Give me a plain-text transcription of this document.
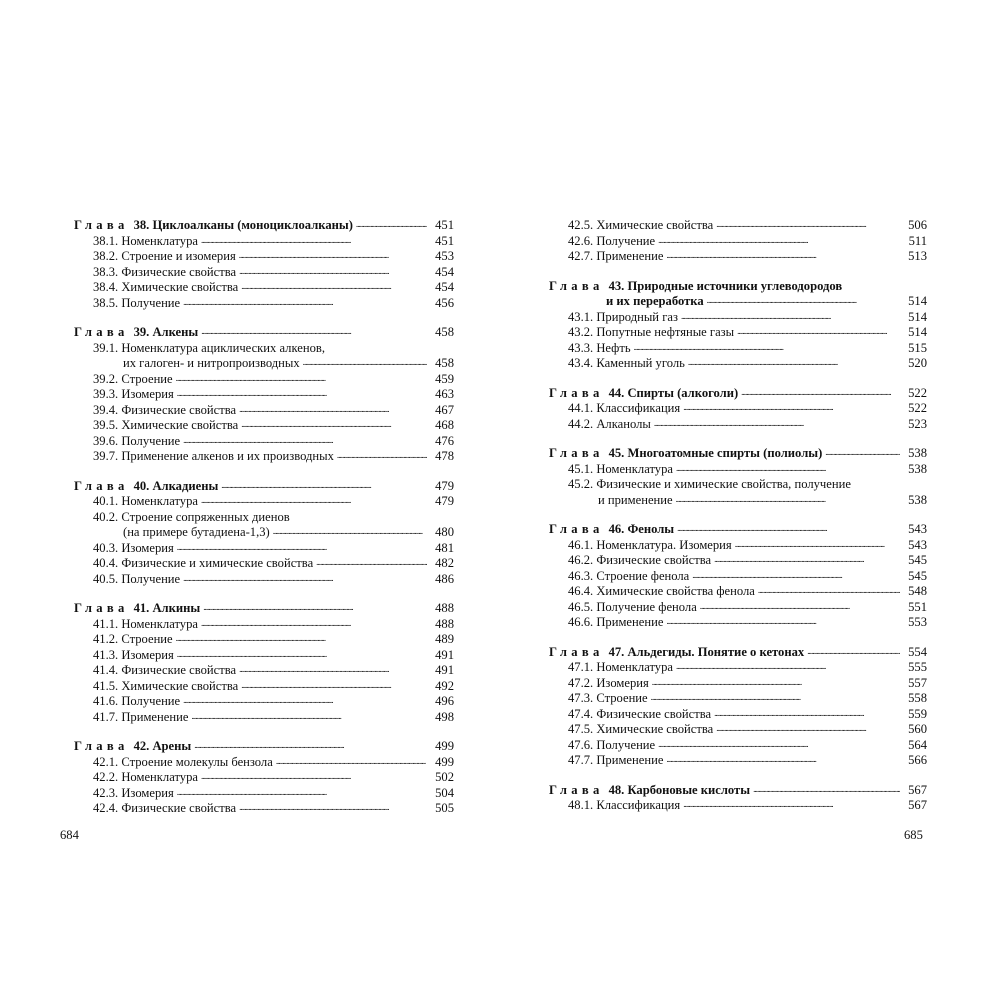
Глава 38. Циклоалканы (моноциклоалканы) . . .	451
38.1. Номенклатура . . .	451
38.2. Строение и изомерия . . .	453
38.3. Физические свойства . . .	454
38.4. Химические свойства . . .	454
38.5. Получение . . .	456
Глава 39. Алкены . . .	458
39.1. Номенклатура ациклических алкенов,
их галоген- и нитропроизводных . . .	458
39.2. Строение . . .	459
39.3. Изомерия . . .	463
39.4. Физические свойства . . .	467
39.5. Химические свойства . . .	468
39.6. Получение . . .	476
39.7. Применение алкенов и их производных . . .	478
Глава 40. Алкадиены . . .	479
40.1. Номенклатура . . .	479
40.2. Строение сопряженных диенов
(на примере бутадиена-1,3) . . .	480
40.3. Изомерия . . .	481
40.4. Физические и химические свойства . . .	482
40.5. Получение . . .	486
Глава 41. Алкины . . .	488
41.1. Номенклатура . . .	488
41.2. Строение . . .	489
41.3. Изомерия . . .	491
41.4. Физические свойства . . .	491
41.5. Химические свойства . . .	492
41.6. Получение . . .	496
41.7. Применение . . .	498
Глава 42. Арены . . .	499
42.1. Строение молекулы бензола . . .	499
42.2. Номенклатура . . .	502
42.3. Изомерия . . .	504
42.4. Физические свойства . . .	505
42.5. Химические свойства . . .	506
42.6. Получение . . .	511
42.7. Применение . . .	513
Глава 43. Природные источники углеводородов
и их переработка . . .	514
43.1. Природный газ . . .	514
43.2. Попутные нефтяные газы . . .	514
43.3. Нефть . . .	515
43.4. Каменный уголь . . .	520
Глава 44. Спирты (алкоголи) . . .	522
44.1. Классификация . . .	522
44.2. Алканолы . . .	523
Глава 45. Многоатомные спирты (полиолы) . . .	538
45.1. Номенклатура . . .	538
45.2. Физические и химические свойства, получение
и применение . . .	538
Глава 46. Фенолы . . .	543
46.1. Номенклатура. Изомерия . . .	543
46.2. Физические свойства . . .	545
46.3. Строение фенола . . .	545
46.4. Химические свойства фенола . . .	548
46.5. Получение фенола . . .	551
46.6. Применение . . .	553
Глава 47. Альдегиды. Понятие о кетонах . . .	554
47.1. Номенклатура . . .	555
47.2. Изомерия . . .	557
47.3. Строение . . .	558
47.4. Физические свойства . . .	559
47.5. Химические свойства . . .	560
47.6. Получение . . .	564
47.7. Применение . . .	566
Глава 48. Карбоновые кислоты . . .	567
48.1. Классификация . . .	567
684	685
